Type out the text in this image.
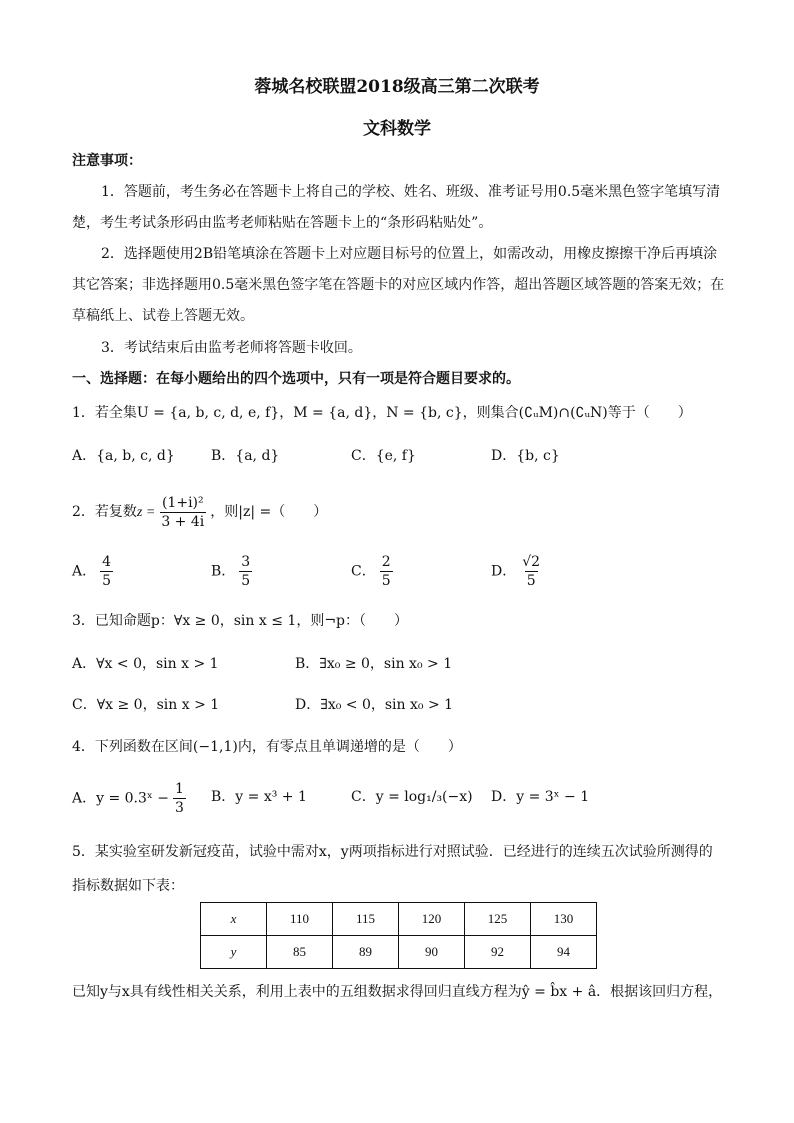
蓉城名校联盟2018级高三第二次联考
文科数学
注意事项：
1．答题前，考生务必在答题卡上将自己的学校、姓名、班级、准考证号用0.5毫米黑色签字笔填写清
楚，考生考试条形码由监考老师粘贴在答题卡上的“条形码粘贴处”。
2．选择题使用2B铅笔填涂在答题卡上对应题目标号的位置上，如需改动，用橡皮擦擦干净后再填涂
其它答案；非选择题用0.5毫米黑色签字笔在答题卡的对应区域内作答，超出答题区域答题的答案无效；在
草稿纸上、试卷上答题无效。
3．考试结束后由监考老师将答题卡收回。
一、选择题：在每小题给出的四个选项中，只有一项是符合题目要求的。
1．若全集U = {a, b, c, d, e, f}，M = {a, d}，N = {b, c}，则集合(∁ᵤM)∩(∁ᵤN)等于（　　）
A．{a, b, c, d}	B．{a, d}	C．{e, f}	D．{b, c}
2．若复数$z = \frac{\text{(1+i)²}}{3 + 4i}$ ，则|z| =（　　）
A． $\frac{4}{5}$	B． $\frac{3}{5}$	C． $\frac{2}{5}$	D． $\frac{√2}{5}$
3．已知命题p：∀x ≥ 0，sin x ≤ 1，则¬p：（　　）
A．∀x < 0，sin x > 1	B．∃x₀ ≥ 0，sin x₀ > 1
C．∀x ≥ 0，sin x > 1	D．∃x₀ < 0，sin x₀ > 1
4．下列函数在区间(−1,1)内，有零点且单调递增的是（　　）
A．y = 0.3ˣ − $\frac{1}{3}$ B．y = x³ + 1	C．y = log₁/₃(−x) D．y = 3ˣ − 1
5．某实验室研发新冠疫苗，试验中需对x，y两项指标进行对照试验．已经进行的连续五次试验所测得的
指标数据如下表：
x	110	115	120	125	130
y	85	89	90	92	94
已知y与x具有线性相关关系，利用上表中的五组数据求得回归直线方程为ŷ = b̂x + â．根据该回归方程，
